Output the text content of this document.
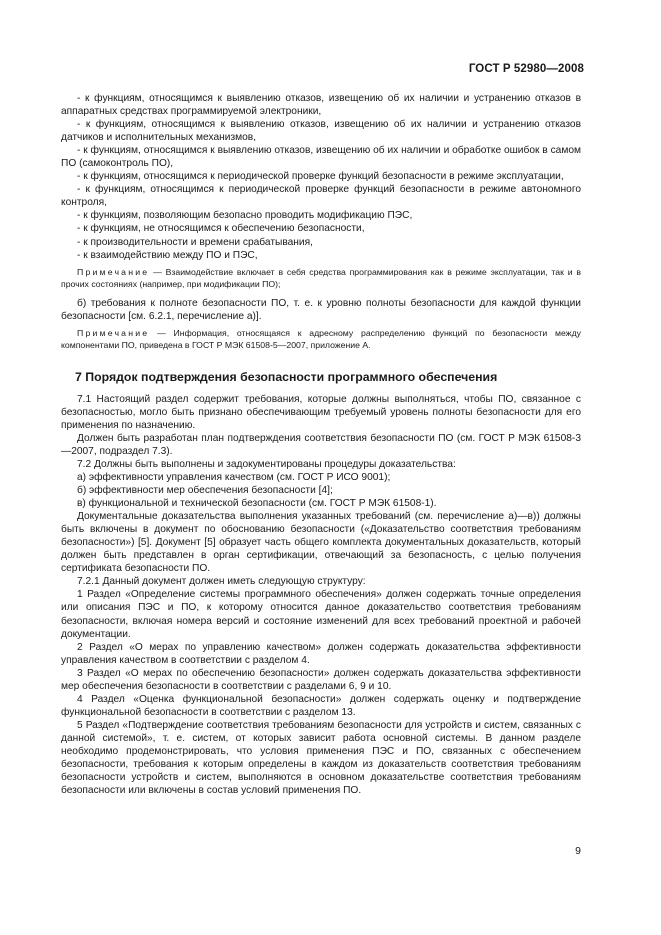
ГОСТ Р 52980—2008

- к функциям, относящимся к выявлению отказов, извещению об их наличии и устранению отказов в аппаратных средствах программируемой электроники,

- к функциям, относящимся к выявлению отказов, извещению об их наличии и устранению отказов датчиков и исполнительных механизмов,

- к функциям, относящимся к выявлению отказов, извещению об их наличии и обработке ошибок в самом ПО (самоконтроль ПО),

- к функциям, относящимся к периодической проверке функций безопасности в режиме эксплуатации,

- к функциям, относящимся к периодической проверке функций безопасности в режиме автономного контроля,

- к функциям, позволяющим безопасно проводить модификацию ПЭС,

- к функциям, не относящимся к обеспечению безопасности,

- к производительности и времени срабатывания,

- к взаимодействию между ПО и ПЭС,

Примечание — Взаимодействие включает в себя средства программирования как в режиме эксплуатации, так и в прочих состояниях (например, при модификации ПО);

б) требования к полноте безопасности ПО, т. е. к уровню полноты безопасности для каждой функции безопасности [см. 6.2.1, перечисление а)].

Примечание — Информация, относящаяся к адресному распределению функций по безопасности между компонентами ПО, приведена в ГОСТ Р МЭК 61508-5—2007, приложение А.

7 Порядок подтверждения безопасности программного обеспечения

7.1 Настоящий раздел содержит требования, которые должны выполняться, чтобы ПО, связанное с безопасностью, могло быть признано обеспечивающим требуемый уровень полноты безопасности для его применения по назначению.

Должен быть разработан план подтверждения соответствия безопасности ПО (см. ГОСТ Р МЭК 61508-3—2007, подраздел 7.3).

7.2 Должны быть выполнены и задокументированы процедуры доказательства:

а) эффективности управления качеством (см. ГОСТ Р ИСО 9001);

б) эффективности мер обеспечения безопасности [4];

в) функциональной и технической безопасности (см. ГОСТ Р МЭК 61508-1).

Документальные доказательства выполнения указанных требований (см. перечисление а)—в)) должны быть включены в документ по обоснованию безопасности («Доказательство соответствия требованиям безопасности») [5]. Документ [5] образует часть общего комплекта документальных доказательств, который должен быть представлен в орган сертификации, отвечающий за безопасность, с целью получения сертификата безопасности ПО.

7.2.1 Данный документ должен иметь следующую структуру:

1 Раздел «Определение системы программного обеспечения» должен содержать точные определения или описания ПЭС и ПО, к которому относится данное доказательство соответствия требованиям безопасности, включая номера версий и состояние изменений для всех требований проектной и рабочей документации.

2 Раздел «О мерах по управлению качеством» должен содержать доказательства эффективности управления качеством в соответствии с разделом 4.

3 Раздел «О мерах по обеспечению безопасности» должен содержать доказательства эффективности мер обеспечения безопасности в соответствии с разделами 6, 9 и 10.

4 Раздел «Оценка функциональной безопасности» должен содержать оценку и подтверждение функциональной безопасности в соответствии с разделом 13.

5 Раздел «Подтверждение соответствия требованиям безопасности для устройств и систем, связанных с данной системой», т. е. систем, от которых зависит работа основной системы. В данном разделе необходимо продемонстрировать, что условия применения ПЭС и ПО, связанных с обеспечением безопасности, требования к которым определены в каждом из доказательств соответствия требованиям безопасности устройств и систем, выполняются в основном доказательстве соответствия требованиям безопасности или включены в состав условий применения ПО.

9
